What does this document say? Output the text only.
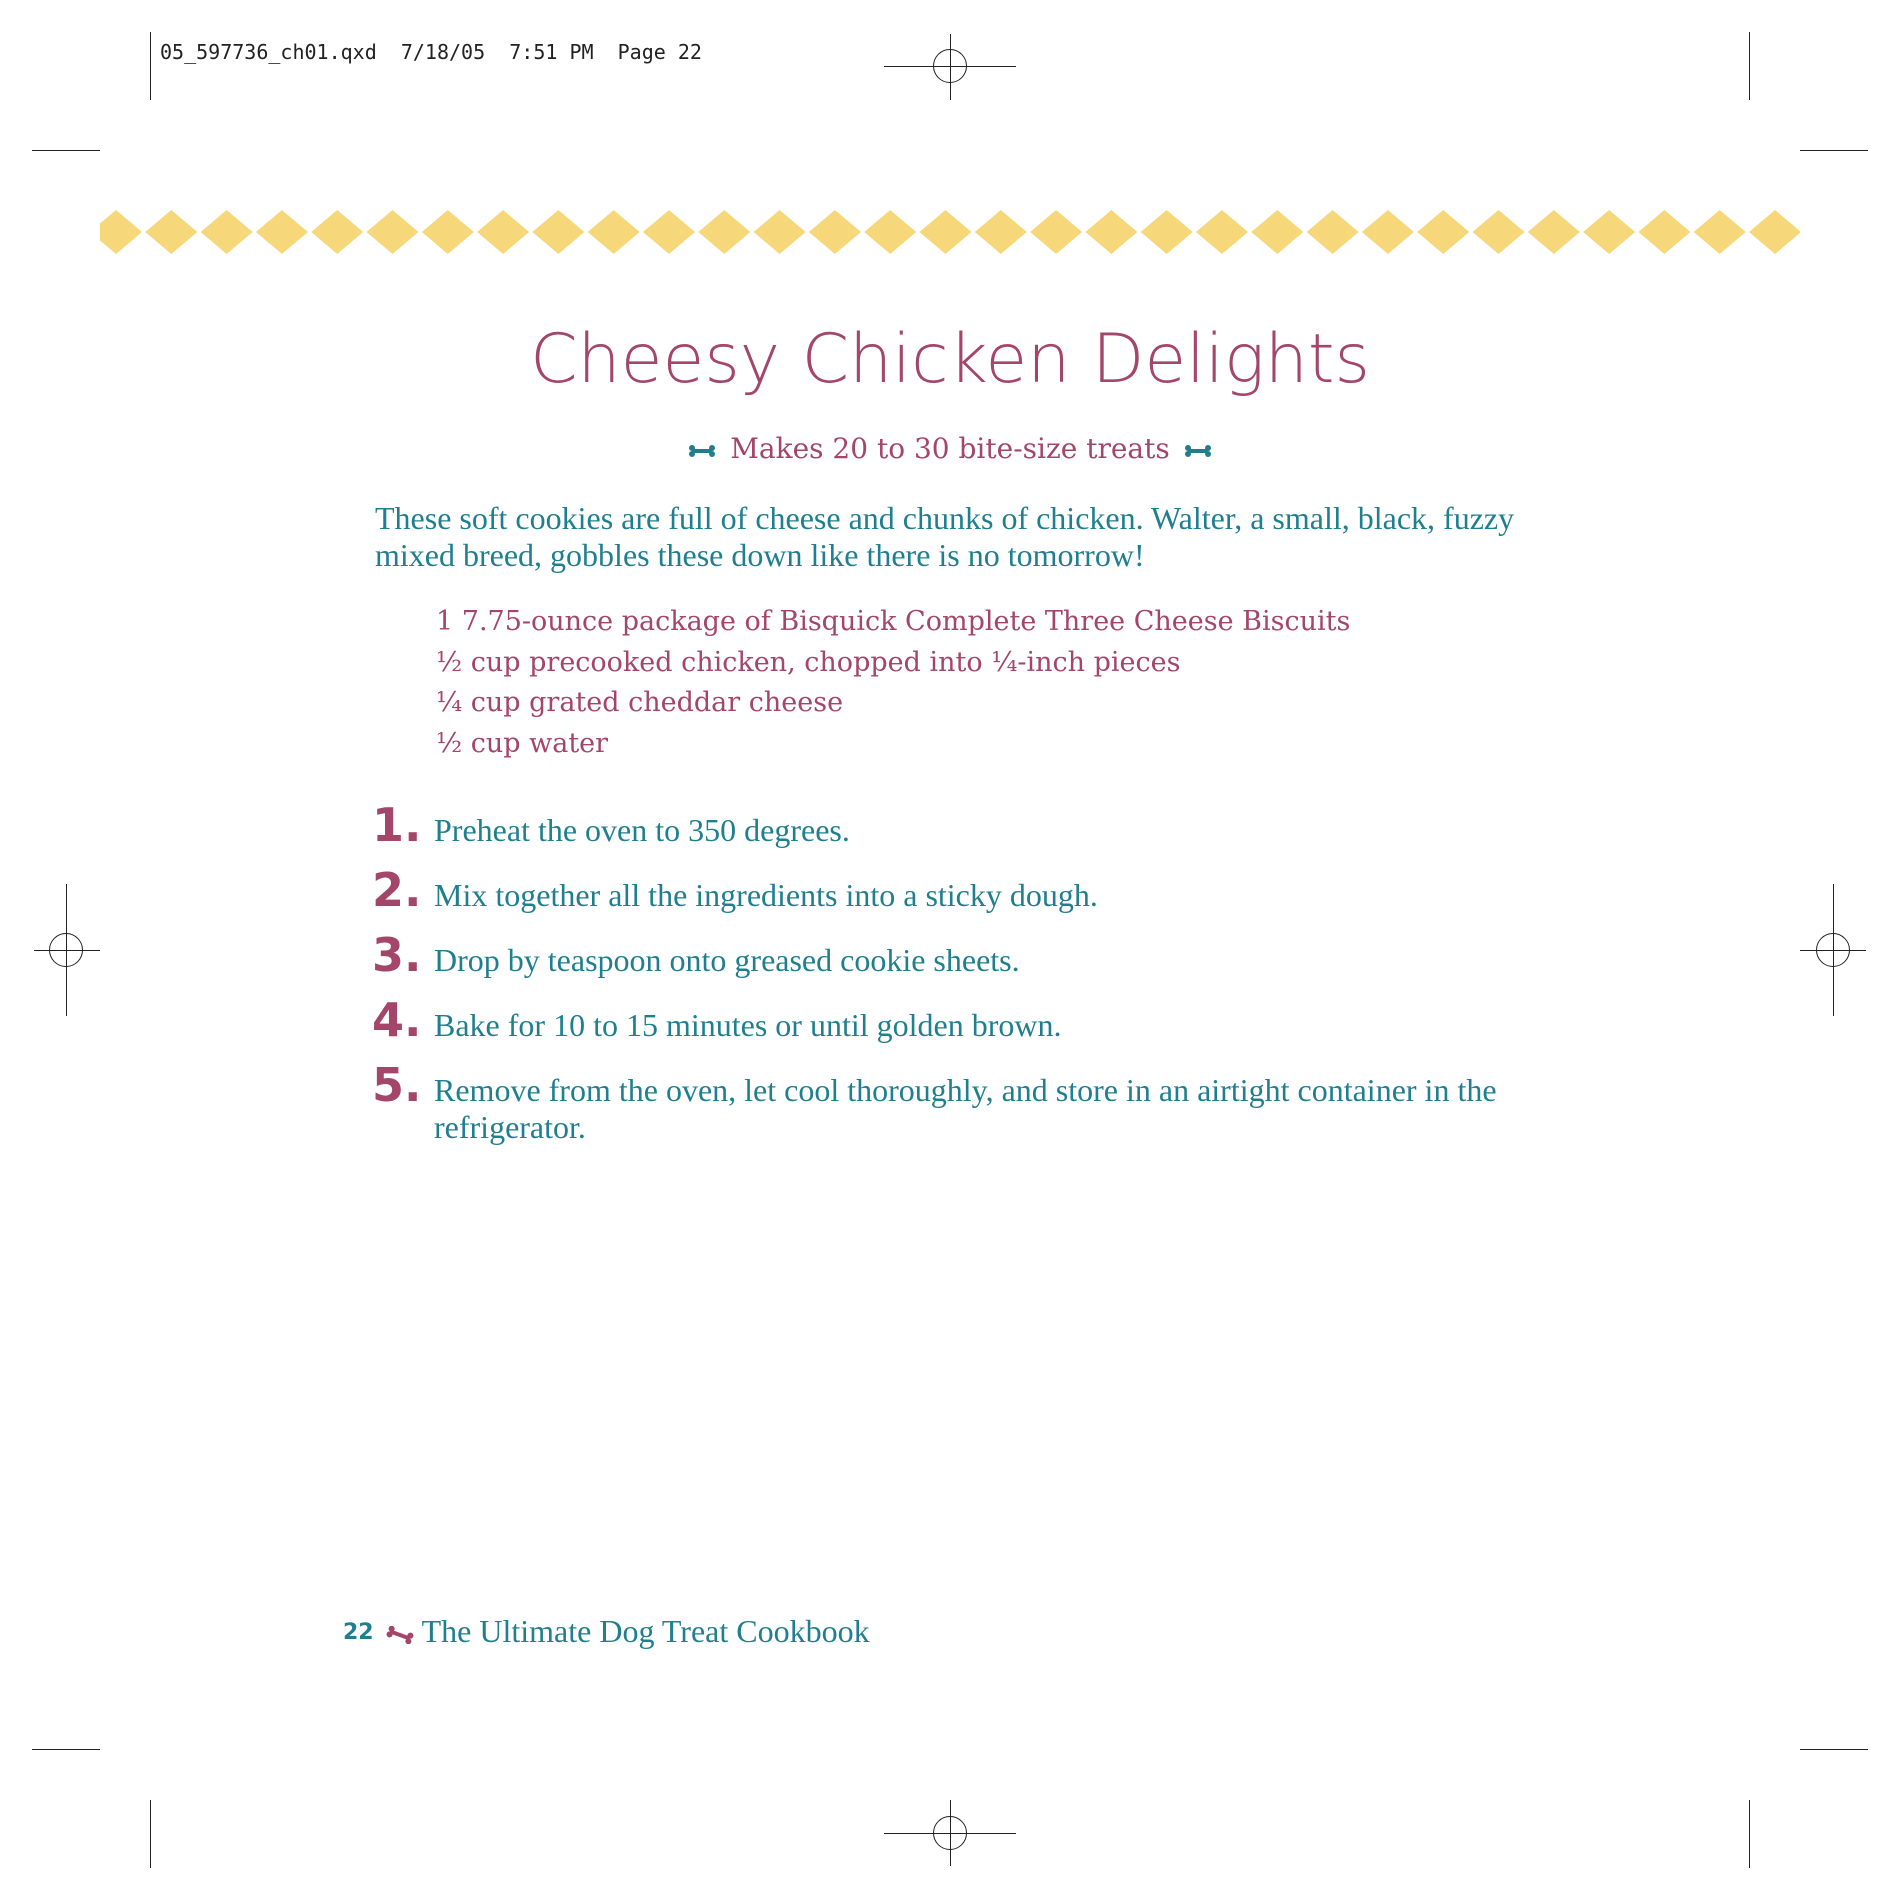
05_597736_ch01.qxd 7/18/05 7:51 PM Page 22
Cheesy Chicken Delights
Makes 20 to 30 bite-size treats
These soft cookies are full of cheese and chunks of chicken. Walter, a small, black, fuzzy mixed breed, gobbles these down like there is no tomorrow!
1 7.75-ounce package of Bisquick Complete Three Cheese Biscuits
½ cup precooked chicken, chopped into ¼-inch pieces
¼ cup grated cheddar cheese
½ cup water
1. Preheat the oven to 350 degrees.
2. Mix together all the ingredients into a sticky dough.
3. Drop by teaspoon onto greased cookie sheets.
4. Bake for 10 to 15 minutes or until golden brown.
5. Remove from the oven, let cool thoroughly, and store in an airtight container in the refrigerator.
22 The Ultimate Dog Treat Cookbook
